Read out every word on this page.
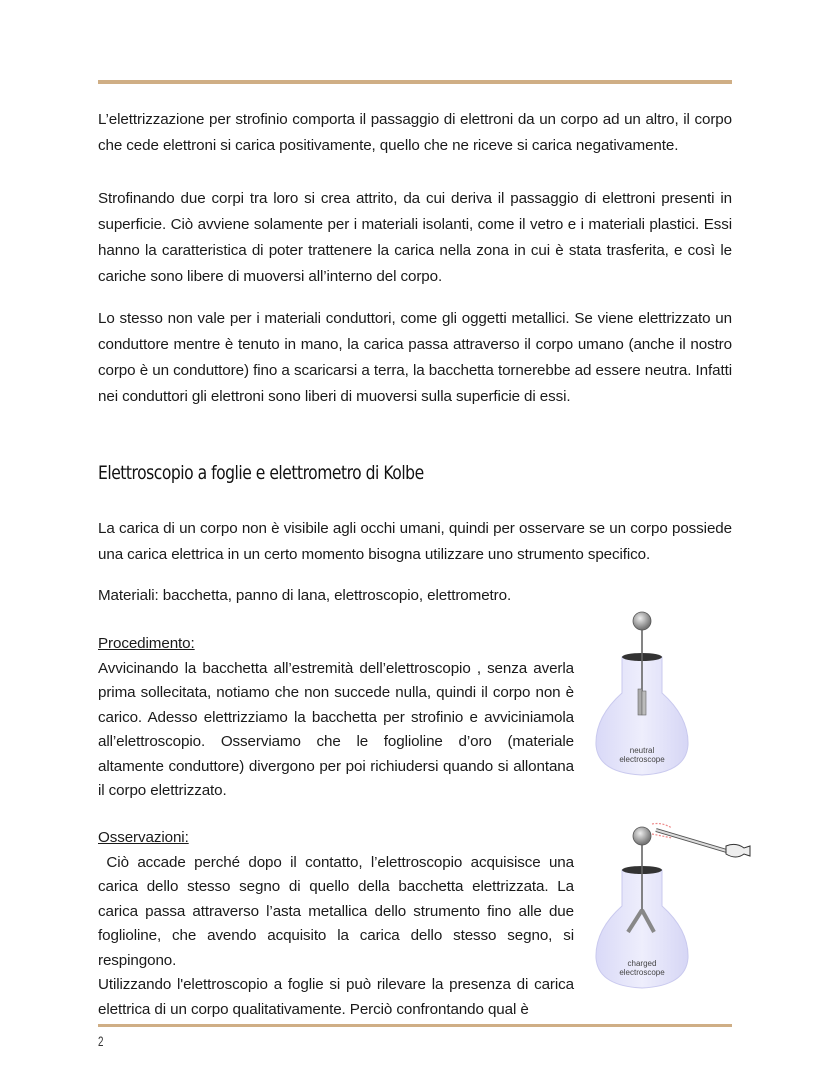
L’elettrizzazione per strofinio comporta il passaggio di elettroni da un corpo ad un altro, il corpo che cede elettroni si carica positivamente, quello che ne riceve si carica negativamente.

Strofinando due corpi tra loro si crea attrito, da cui deriva il passaggio di elettroni presenti in superficie. Ciò avviene solamente per i materiali isolanti, come il vetro e i materiali plastici. Essi hanno la caratteristica di poter trattenere la carica nella zona in cui è stata trasferita, e così le cariche sono libere di muoversi all’interno del corpo.

Lo stesso non vale per i materiali conduttori, come gli oggetti metallici. Se viene elettrizzato un conduttore mentre è tenuto in mano, la carica passa attraverso il corpo umano (anche il nostro corpo è un conduttore) fino a scaricarsi a terra, la bacchetta tornerebbe ad essere neutra. Infatti nei conduttori gli elettroni sono liberi di muoversi sulla superficie di essi.

Elettroscopio a foglie e elettrometro di Kolbe

La carica di un corpo non è visibile agli occhi umani, quindi per osservare se un corpo possiede una carica elettrica in un certo momento bisogna utilizzare uno strumento specifico.

Materiali: bacchetta, panno di lana, elettroscopio, elettrometro.

Procedimento:

Avvicinando la bacchetta all’estremità dell’elettroscopio , senza averla prima sollecitata, notiamo che non succede nulla, quindi il corpo non è carico. Adesso elettrizziamo la bacchetta per strofinio e avviciniamola all’elettroscopio. Osserviamo che le foglioline d’oro (materiale altamente conduttore) divergono per poi richiudersi quando si allontana il corpo elettrizzato.

Osservazioni:

Ciò accade perché dopo il contatto, l’elettroscopio acquisisce una carica dello stesso segno di quello della bacchetta elettrizzata. La carica passa attraverso l’asta metallica dello strumento fino alle due foglioline, che avendo acquisito la carica dello stesso segno, si respingono.

Utilizzando l'elettroscopio a foglie si può rilevare la presenza di carica elettrica di un corpo qualitativamente. Perciò confrontando qual è

neutral
electroscope
charged
electroscope
2
